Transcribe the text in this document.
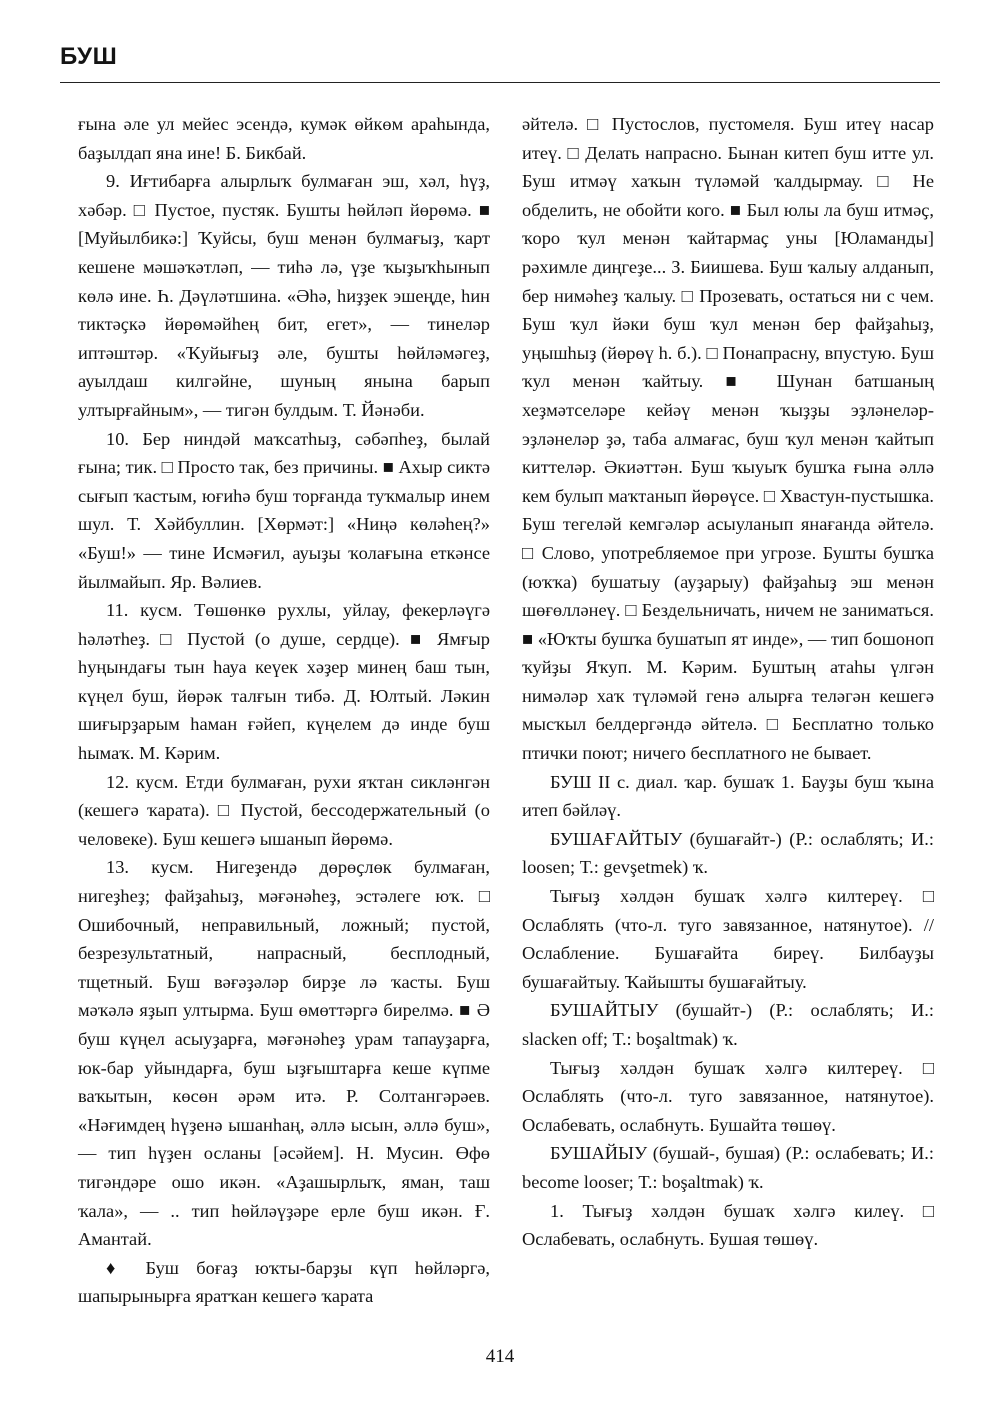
БУШ

ғына әле ул мейес эсендә, кумәк өйкөм араһында, баҙылдап яна ине! Б. Бикбай.

9. Иғтибарға алырлыҡ булмаған эш, хәл, һүҙ, хәбәр. □ Пустое, пустяк. Бушты һөйләп йөрөмә. ■ [Муйылбикә:] Ҡуйсы, буш менән булмағыҙ, ҡарт кешене мәшәҡәтләп, — тиһә лә, үҙе ҡыҙыҡһынып көлә ине. Һ. Дәүләтшина. «Әһә, һиҙҙек эшеңде, һин тиктәҫкә йөрөмәйһең бит, егет», — тинеләр иптәштәр. «Ҡуйығыҙ әле, бушты һөйләмәгеҙ, ауылдаш килгәйне, шуның янына барып ултырғайным», — тигән булдым. Т. Йәнәби.

10. Бер ниндәй маҡсатһыҙ, сәбәпһеҙ, былай ғына; тик. □ Просто так, без причины. ■ Ахыр сиктә сығып ҡастым, юғиһә буш торғанда туҡмалыр инем шул. Т. Хәйбуллин. [Хөрмәт:] «Ниңә көләһең?» «Буш!» — тине Исмәғил, ауыҙы ҡолағына еткәнсе йылмайып. Яр. Вәлиев.

11. кусм. Төшөнкө рухлы, уйлау, фекерләүгә һәләтһеҙ. □ Пустой (о душе, сердце). ■ Ямғыр һуңындағы тын һауа кеүек хәҙер минең баш тын, күңел буш, йөрәк талғын тибә. Д. Юлтый. Ләкин шиғырҙарым һаман ғәйеп, күңелем дә инде буш һымаҡ. М. Кәрим.

12. кусм. Етди булмаған, рухи яҡтан сикләнгән (кешегә ҡарата). □ Пустой, бессодержательный (о человеке). Буш кешегә ышанып йөрөмә.

13. кусм. Нигеҙендә дөрөҫлөк булмаған, нигеҙһеҙ; файҙаһыҙ, мәғәнәһеҙ, эстәлеге юҡ. □ Ошибочный, неправильный, ложный; пустой, безрезультатный, напрасный, бесплодный, тщетный. Буш вәғәҙәләр бирҙе лә ҡасты. Буш мәҡәлә яҙып ултырма. Буш өмөттәргә бирелмә. ■ Ә буш күңел асыуҙарға, мәғәнәһеҙ урам тапауҙарға, юк-бар уйындарға, буш ыҙғыштарға кеше күпме ваҡытын, көсөн әрәм итә. Р. Солтангәрәев. «Нәғимдең һүҙенә ышанһаң, әллә ысын, әллә буш», — тип һүҙен осланы [әсәйем]. Н. Мусин. Өфө тигәндәре ошо икән. «Аҙашырлыҡ, яман, таш ҡала», — .. тип һөйләүҙәре ерле буш икән. Ғ. Амантай.

♦ Буш боғаҙ юҡты-барҙы күп һөйләргә, шапырынырға яратҡан кешегә ҡарата

әйтелә. □ Пустослов, пустомеля. Буш итеү насар итеү. □ Делать напрасно. Бынан китеп буш итте ул. Буш итмәү хаҡын түләмәй ҡалдырмау. □ Не обделить, не обойти кого. ■ Был юлы ла буш итмәҫ, ҡоро ҡул менән ҡайтармаҫ уны [Юламанды] рәхимле диңгеҙе... З. Биишева. Буш ҡалыу алданып, бер нимәһеҙ ҡалыу. □ Прозевать, остаться ни с чем. Буш ҡул йәки буш ҡул менән бер файҙаһыҙ, уңышһыҙ (йөрөү һ. б.). □ Понапрасну, впустую. Буш ҡул менән ҡайтыу. ■ Шунан батшаның хеҙмәтселәре кейәү менән ҡыҙҙы эҙләнеләр-эҙләнеләр ҙә, таба алмағас, буш ҡул менән ҡайтып киттеләр. Әкиәттән. Буш ҡыуыҡ бушҡа ғына әллә кем булып маҡтанып йөрөүсе. □ Хвастун-пустышка. Буш тегеләй кемгәләр асыуланып янағанда әйтелә. □ Слово, употребляемое при угрозе. Бушты бушҡа (юҡҡа) бушатыу (ауҙарыу) файҙаһыҙ эш менән шөғөлләнеү. □ Бездельничать, ничем не заниматься. ■ «Юҡты бушҡа бушатып ят инде», — тип бошоноп ҡуйҙы Яҡуп. М. Кәрим. Буштың атаһы үлгән нимәләр хаҡ түләмәй генә алырға теләгән кешегә мысҡыл белдергәндә әйтелә. □ Бесплатно только птички поют; ничего бесплатного не бывает.

БУШ II с. диал. ҡар. бушаҡ 1. Бауҙы буш ҡына итеп бәйләү.

БУШАҒАЙТЫУ (бушағайт-) (Р.: ослаблять; И.: loosen; Т.: gevşetmek) ҡ.

Тығыҙ хәлдән бушаҡ хәлгә килтереү. □ Ослаблять (что-л. туго завязанное, натянутое). // Ослабление. Бушағайта биреү. Билбауҙы бушағайтыу. Ҡайышты бушағайтыу.

БУШАЙТЫУ (бушайт-) (Р.: ослаблять; И.: slacken off; Т.: boşaltmak) ҡ.

Тығыҙ хәлдән бушаҡ хәлгә килтереү. □ Ослаблять (что-л. туго завязанное, натянутое). Ослабевать, ослабнуть. Бушайта төшөү.

БУШАЙЫУ (бушай-, бушая) (Р.: ослабевать; И.: become looser; Т.: boşaltmak) ҡ.

1. Тығыҙ хәлдән бушаҡ хәлгә килеү. □ Ослабевать, ослабнуть. Бушая төшөү.

414
